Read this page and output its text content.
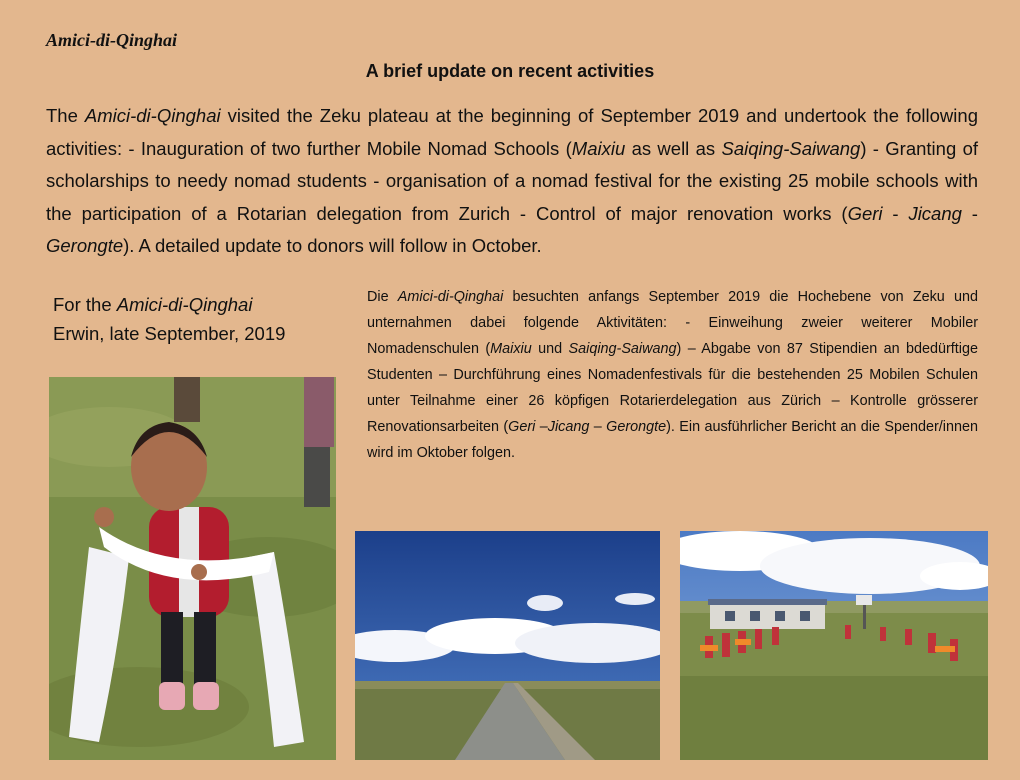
Amici-di-Qinghai
A brief update on recent activities

The Amici-di-Qinghai visited the Zeku plateau at the beginning of September 2019 and undertook the following activities: - Inauguration of two further Mobile Nomad Schools (Maixiu as well as Saiqing-Saiwang) - Granting of scholarships to needy nomad students - organisation of a nomad festival for the existing 25 mobile schools with the participation of a Rotarian delegation from Zurich - Control of major renovation works (Geri - Jicang - Gerongte). A detailed update to donors will follow in October.

For the Amici-di-Qinghai
Erwin, late September, 2019

Die Amici-di-Qinghai besuchten anfangs September 2019 die Hochebene von Zeku und unternahmen dabei folgende Aktivitäten: - Einweihung zweier weiterer Mobiler Nomadenschulen (Maixiu und Saiqing-Saiwang) – Abgabe von 87 Stipendien an bdedürftige Studenten – Durchführung eines Nomadenfestivals für die bestehenden 25 Mobilen Schulen unter Teilnahme einer 26 köpfigen Rotarierdelegation aus Zürich – Kontrolle grösserer Renovationsarbeiten (Geri –Jicang – Gerongte). Ein ausführlicher Bericht an die Spender/innen wird im Oktober folgen.
